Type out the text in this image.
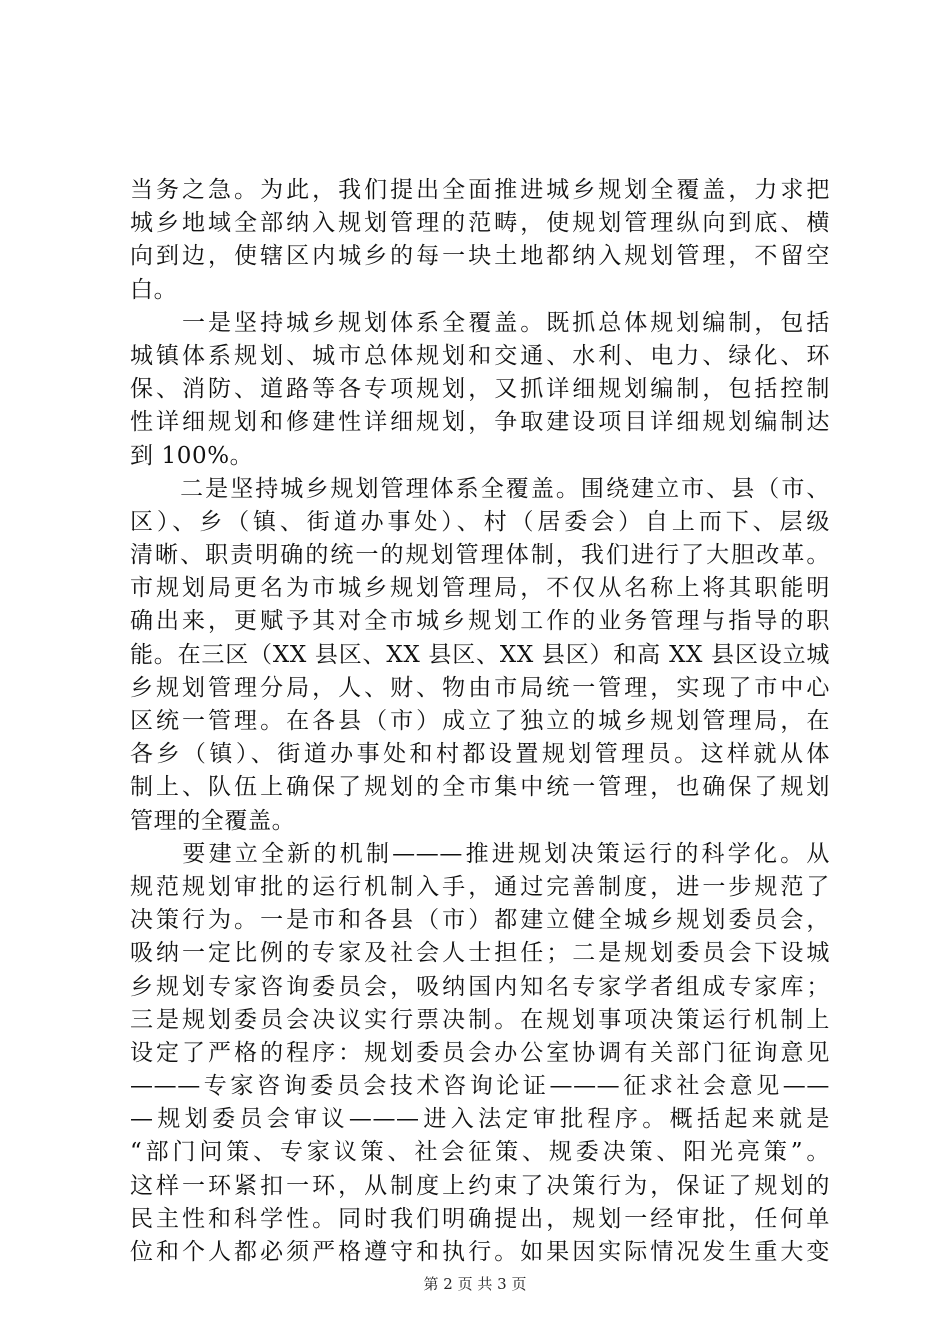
当务之急。为此，我们提出全面推进城乡规划全覆盖，力求把
城乡地域全部纳入规划管理的范畴，使规划管理纵向到底、横
向到边，使辖区内城乡的每一块土地都纳入规划管理，不留空
白。
　　一是坚持城乡规划体系全覆盖。既抓总体规划编制，包括
城镇体系规划、城市总体规划和交通、水利、电力、绿化、环
保、消防、道路等各专项规划，又抓详细规划编制，包括控制
性详细规划和修建性详细规划，争取建设项目详细规划编制达
到 100%。
　　二是坚持城乡规划管理体系全覆盖。围绕建立市、县（市、
区）、乡（镇、街道办事处）、村（居委会）自上而下、层级
清晰、职责明确的统一的规划管理体制，我们进行了大胆改革。
市规划局更名为市城乡规划管理局，不仅从名称上将其职能明
确出来，更赋予其对全市城乡规划工作的业务管理与指导的职
能。在三区（XX 县区、XX 县区、XX 县区）和高 XX 县区设立城
乡规划管理分局，人、财、物由市局统一管理，实现了市中心
区统一管理。在各县（市）成立了独立的城乡规划管理局，在
各乡（镇）、街道办事处和村都设置规划管理员。这样就从体
制上、队伍上确保了规划的全市集中统一管理，也确保了规划
管理的全覆盖。
　　要建立全新的机制———推进规划决策运行的科学化。从
规范规划审批的运行机制入手，通过完善制度，进一步规范了
决策行为。一是市和各县（市）都建立健全城乡规划委员会，
吸纳一定比例的专家及社会人士担任；二是规划委员会下设城
乡规划专家咨询委员会，吸纳国内知名专家学者组成专家库；
三是规划委员会决议实行票决制。在规划事项决策运行机制上
设定了严格的程序：规划委员会办公室协调有关部门征询意见
———专家咨询委员会技术咨询论证———征求社会意见——
—规划委员会审议———进入法定审批程序。概括起来就是
“部门问策、专家议策、社会征策、规委决策、阳光亮策”。
这样一环紧扣一环，从制度上约束了决策行为，保证了规划的
民主性和科学性。同时我们明确提出，规划一经审批，任何单
位和个人都必须严格遵守和执行。如果因实际情况发生重大变
第 2 页 共 3 页
